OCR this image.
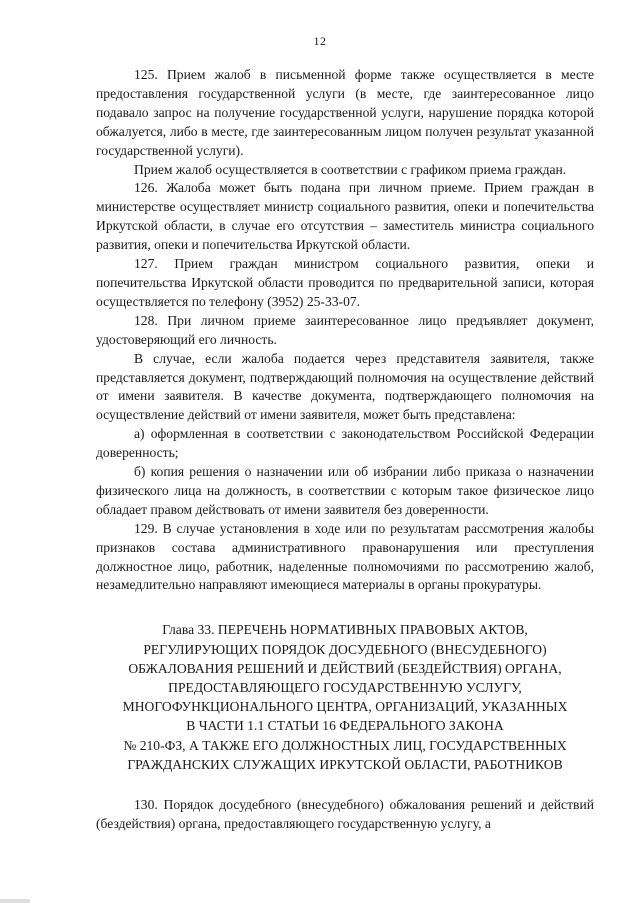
12

125. Прием жалоб в письменной форме также осуществляется в месте предоставления государственной услуги (в месте, где заинтересованное лицо подавало запрос на получение государственной услуги, нарушение порядка которой обжалуется, либо в месте, где заинтересованным лицом получен результат указанной государственной услуги).

Прием жалоб осуществляется в соответствии с графиком приема граждан.

126. Жалоба может быть подана при личном приеме. Прием граждан в министерстве осуществляет министр социального развития, опеки и попечительства Иркутской области, в случае его отсутствия – заместитель министра социального развития, опеки и попечительства Иркутской области.

127. Прием граждан министром социального развития, опеки и попечительства Иркутской области проводится по предварительной записи, которая осуществляется по телефону (3952) 25-33-07.

128. При личном приеме заинтересованное лицо предъявляет документ, удостоверяющий его личность.

В случае, если жалоба подается через представителя заявителя, также представляется документ, подтверждающий полномочия на осуществление действий от имени заявителя. В качестве документа, подтверждающего полномочия на осуществление действий от имени заявителя, может быть представлена:

а) оформленная в соответствии с законодательством Российской Федерации доверенность;

б) копия решения о назначении или об избрании либо приказа о назначении физического лица на должность, в соответствии с которым такое физическое лицо обладает правом действовать от имени заявителя без доверенности.

129. В случае установления в ходе или по результатам рассмотрения жалобы признаков состава административного правонарушения или преступления должностное лицо, работник, наделенные полномочиями по рассмотрению жалоб, незамедлительно направляют имеющиеся материалы в органы прокуратуры.

Глава 33. ПЕРЕЧЕНЬ НОРМАТИВНЫХ ПРАВОВЫХ АКТОВ,
РЕГУЛИРУЮЩИХ ПОРЯДОК ДОСУДЕБНОГО (ВНЕСУДЕБНОГО)
ОБЖАЛОВАНИЯ РЕШЕНИЙ И ДЕЙСТВИЙ (БЕЗДЕЙСТВИЯ) ОРГАНА,
ПРЕДОСТАВЛЯЮЩЕГО ГОСУДАРСТВЕННУЮ УСЛУГУ,
МНОГОФУНКЦИОНАЛЬНОГО ЦЕНТРА, ОРГАНИЗАЦИЙ, УКАЗАННЫХ
В ЧАСТИ 1.1 СТАТЬИ 16 ФЕДЕРАЛЬНОГО ЗАКОНА
№ 210-ФЗ, А ТАКЖЕ ЕГО ДОЛЖНОСТНЫХ ЛИЦ, ГОСУДАРСТВЕННЫХ
ГРАЖДАНСКИХ СЛУЖАЩИХ ИРКУТСКОЙ ОБЛАСТИ, РАБОТНИКОВ

130. Порядок досудебного (внесудебного) обжалования решений и действий (бездействия) органа, предоставляющего государственную услугу, а
